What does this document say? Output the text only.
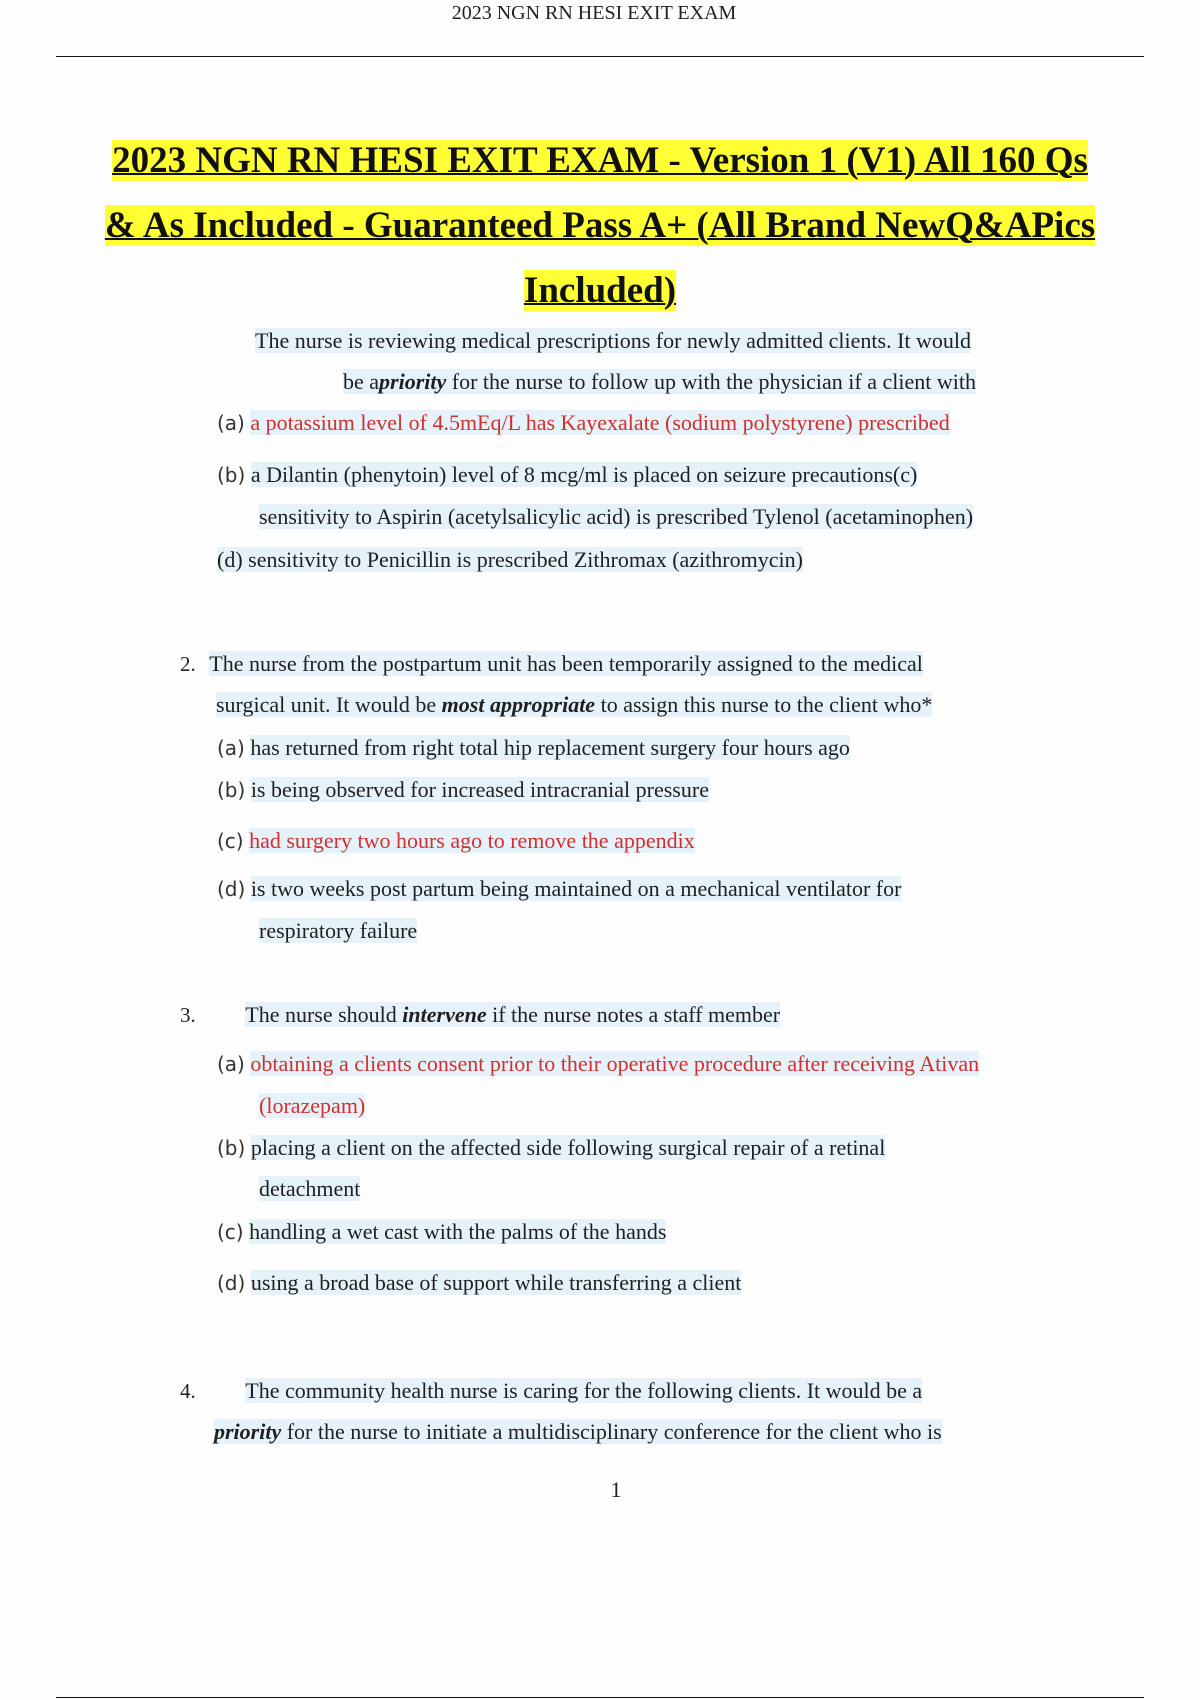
2023 NGN RN HESI EXIT EXAM
2023 NGN RN HESI EXIT EXAM - Version 1 (V1) All 160 Qs
& As Included - Guaranteed Pass A+ (All Brand NewQ&APics
Included)
The nurse is reviewing medical prescriptions for newly admitted clients. It would
be apriority for the nurse to follow up with the physician if a client with
(a) a potassium level of 4.5mEq/L has Kayexalate (sodium polystyrene) prescribed
(b) a Dilantin (phenytoin) level of 8 mcg/ml is placed on seizure precautions(c)
sensitivity to Aspirin (acetylsalicylic acid) is prescribed Tylenol (acetaminophen)
(d) sensitivity to Penicillin is prescribed Zithromax (azithromycin)
2. The nurse from the postpartum unit has been temporarily assigned to the medical
surgical unit. It would be most appropriate to assign this nurse to the client who*
(a) has returned from right total hip replacement surgery four hours ago
(b) is being observed for increased intracranial pressure
(c) had surgery two hours ago to remove the appendix
(d) is two weeks post partum being maintained on a mechanical ventilator for
respiratory failure
3. The nurse should intervene if the nurse notes a staff member
(a) obtaining a clients consent prior to their operative procedure after receiving Ativan
(lorazepam)
(b) placing a client on the affected side following surgical repair of a retinal
detachment
(c) handling a wet cast with the palms of the hands
(d) using a broad base of support while transferring a client
4. The community health nurse is caring for the following clients. It would be a
priority for the nurse to initiate a multidisciplinary conference for the client who is
1
